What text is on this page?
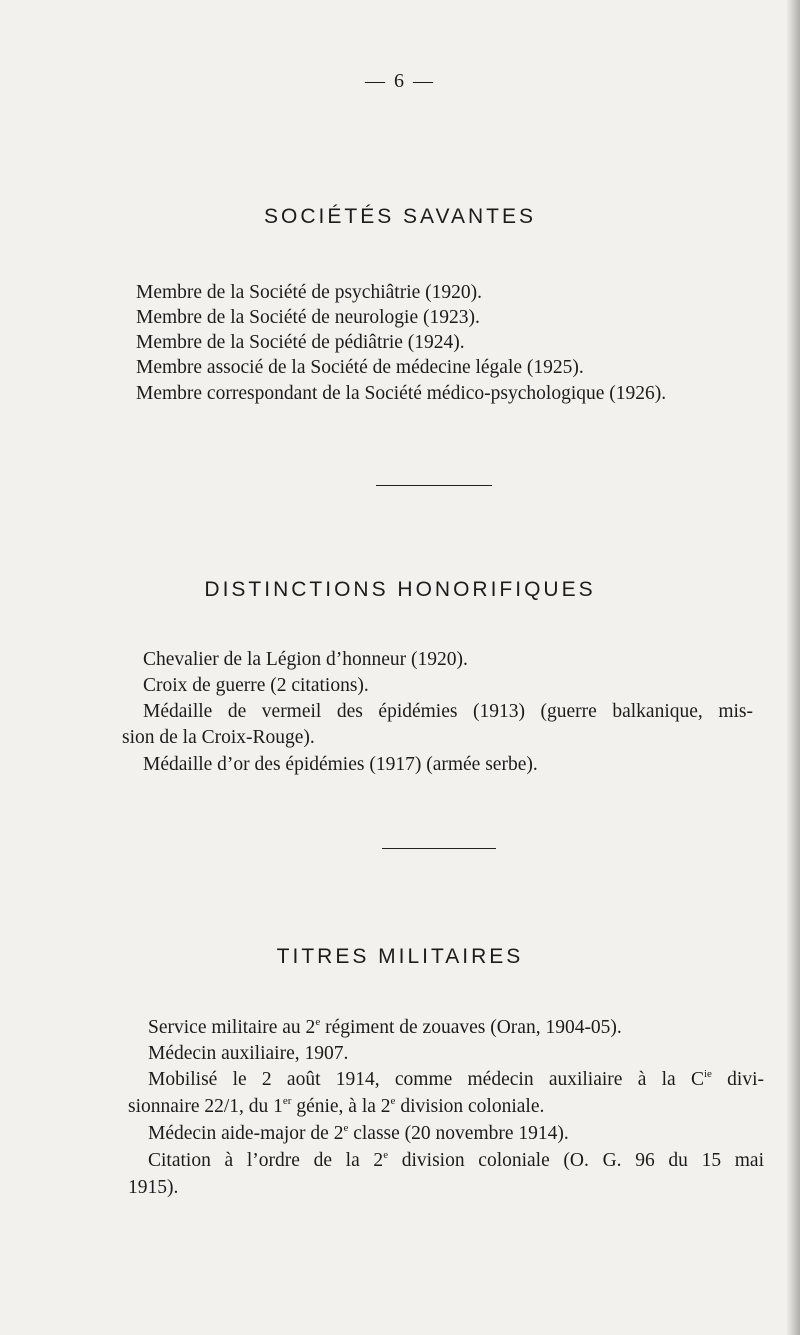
— 6 —
SOCIÉTÉS SAVANTES
Membre de la Société de psychiâtrie (1920).
Membre de la Société de neurologie (1923).
Membre de la Société de pédiâtrie (1924).
Membre associé de la Société de médecine légale (1925).
Membre correspondant de la Société médico-psychologique (1926).
DISTINCTIONS HONORIFIQUES
Chevalier de la Légion d’honneur (1920).
Croix de guerre (2 citations).
Médaille de vermeil des épidémies (1913) (guerre balkanique, mis-
sion de la Croix-Rouge).
Médaille d’or des épidémies (1917) (armée serbe).
TITRES MILITAIRES
Service militaire au 2e régiment de zouaves (Oran, 1904-05).
Médecin auxiliaire, 1907.
Mobilisé le 2 août 1914, comme médecin auxiliaire à la $C^{ie}$ divi-
sionnaire 22/1, du 1er génie, à la 2e division coloniale.
Médecin aide-major de 2e classe (20 novembre 1914).
Citation à l’ordre de la 2e division coloniale (O. G. 96 du 15 mai
1915).
